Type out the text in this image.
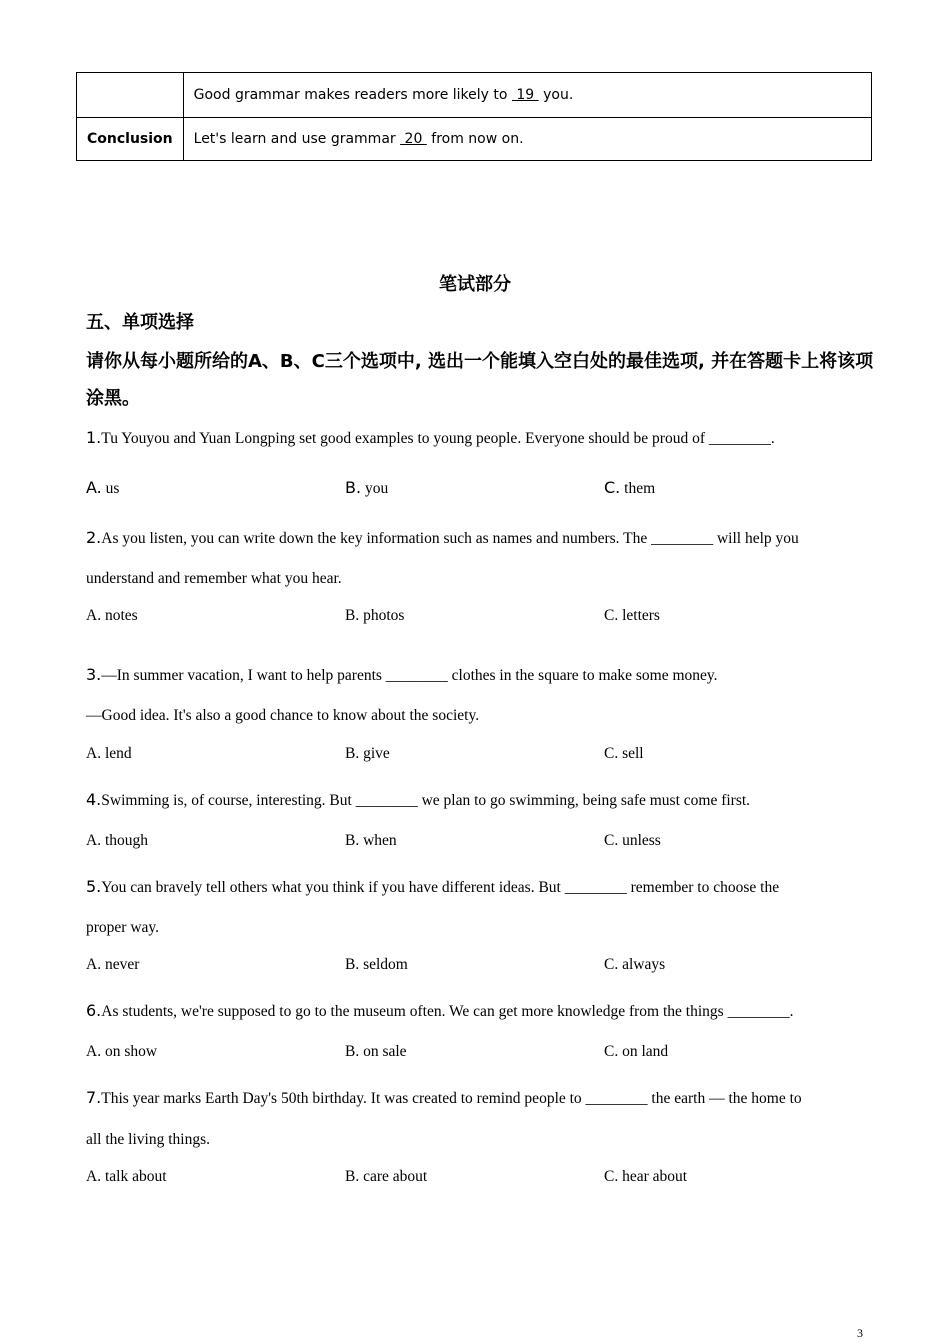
	Good grammar makes readers more likely to  19  you.
Conclusion	Let's learn and use grammar  20  from now on.
笔试部分
五、单项选择
请你从每小题所给的A、B、C三个选项中, 选出一个能填入空白处的最佳选项, 并在答题卡上将该项涂黑。
1.Tu Youyou and Yuan Longping set good examples to young people. Everyone should be proud of ________.
A. us	B. you	C. them
2.As you listen, you can write down the key information such as names and numbers. The ________ will help you
understand and remember what you hear.
A. notes	B. photos	C. letters
3.—In summer vacation, I want to help parents ________ clothes in the square to make some money.
—Good idea. It's also a good chance to know about the society.
A. lend	B. give	C. sell
4.Swimming is, of course, interesting. But ________ we plan to go swimming, being safe must come first.
A. though	B. when	C. unless
5.You can bravely tell others what you think if you have different ideas. But ________ remember to choose the
proper way.
A. never	B. seldom	C. always
6.As students, we're supposed to go to the museum often. We can get more knowledge from the things ________.
A. on show	B. on sale	C. on land
7.This year marks Earth Day's 50th birthday. It was created to remind people to ________ the earth — the home to
all the living things.
A. talk about	B. care about	C. hear about
3
